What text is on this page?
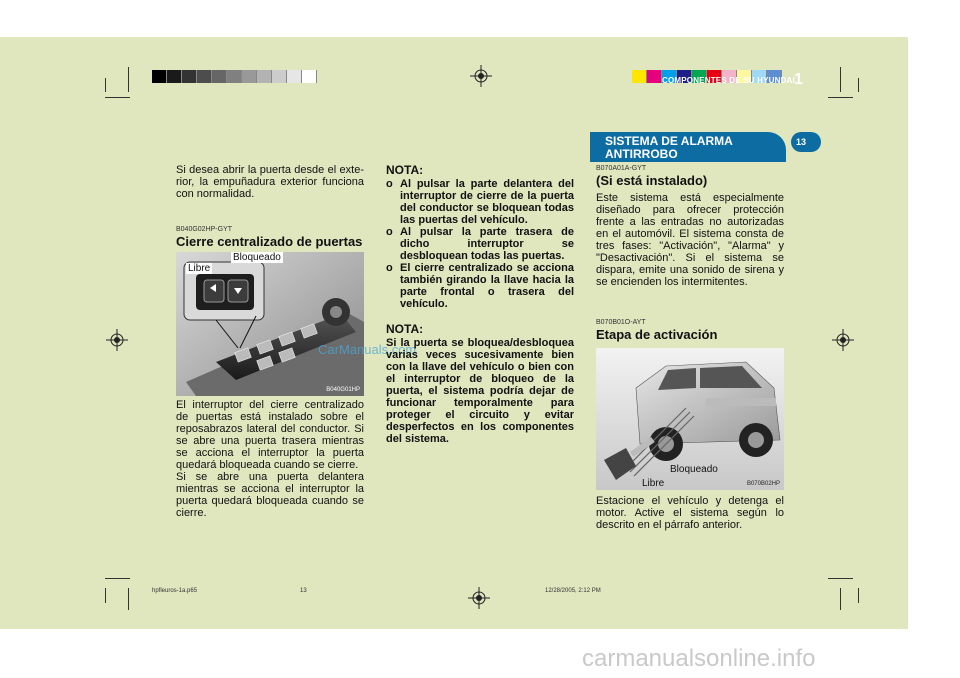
COMPONENTES DE SU HYUNDAI 1
SISTEMA DE ALARMA ANTIRROBO
13
Si desea abrir la puerta desde el exte-rior, la empuñadura exterior funciona con normalidad.
B040G02HP-GYT
Cierre centralizado de puertas
Libre
Bloqueado
B040G01HP
CarManuals.com
El interruptor del cierre centralizado de puertas está instalado sobre el reposabrazos lateral del conductor. Si se abre una puerta trasera mientras se acciona el interruptor la puerta quedará bloqueada cuando se cierre.
Si se abre una puerta delantera mientras se acciona el interruptor la puerta quedará bloqueada cuando se cierre.
NOTA:
o Al pulsar la parte delantera del interruptor de cierre de la puerta del conductor se bloquean todas las puertas del vehículo.
o Al pulsar la parte trasera de dicho interruptor se desbloquean todas las puertas.
o El cierre centralizado se acciona también girando la llave hacia la parte frontal o trasera del vehículo.
NOTA:
Si la puerta se bloquea/desbloquea varias veces sucesivamente bien con la llave del vehículo o bien con el interruptor de bloqueo de la puerta, el sistema podría dejar de funcionar temporalmente para proteger el circuito y evitar desperfectos en los componentes del sistema.
B070A01A-GYT
(Si está instalado)
Este sistema está especialmente diseñado para ofrecer protección frente a las entradas no autorizadas en el automóvil. El sistema consta de tres fases: "Activación", "Alarma" y "Desactivación". Si el sistema se dispara, emite una sonido de sirena y se encienden los intermitentes.
B070B01O-AYT
Etapa de activación
Bloqueado
Libre	B070B02HP
Estacione el vehículo y detenga el motor. Active el sistema según lo descrito en el párrafo anterior.
hpfleuros-1a.p65	13	12/28/2005, 2:12 PM
carmanualsonline.info
